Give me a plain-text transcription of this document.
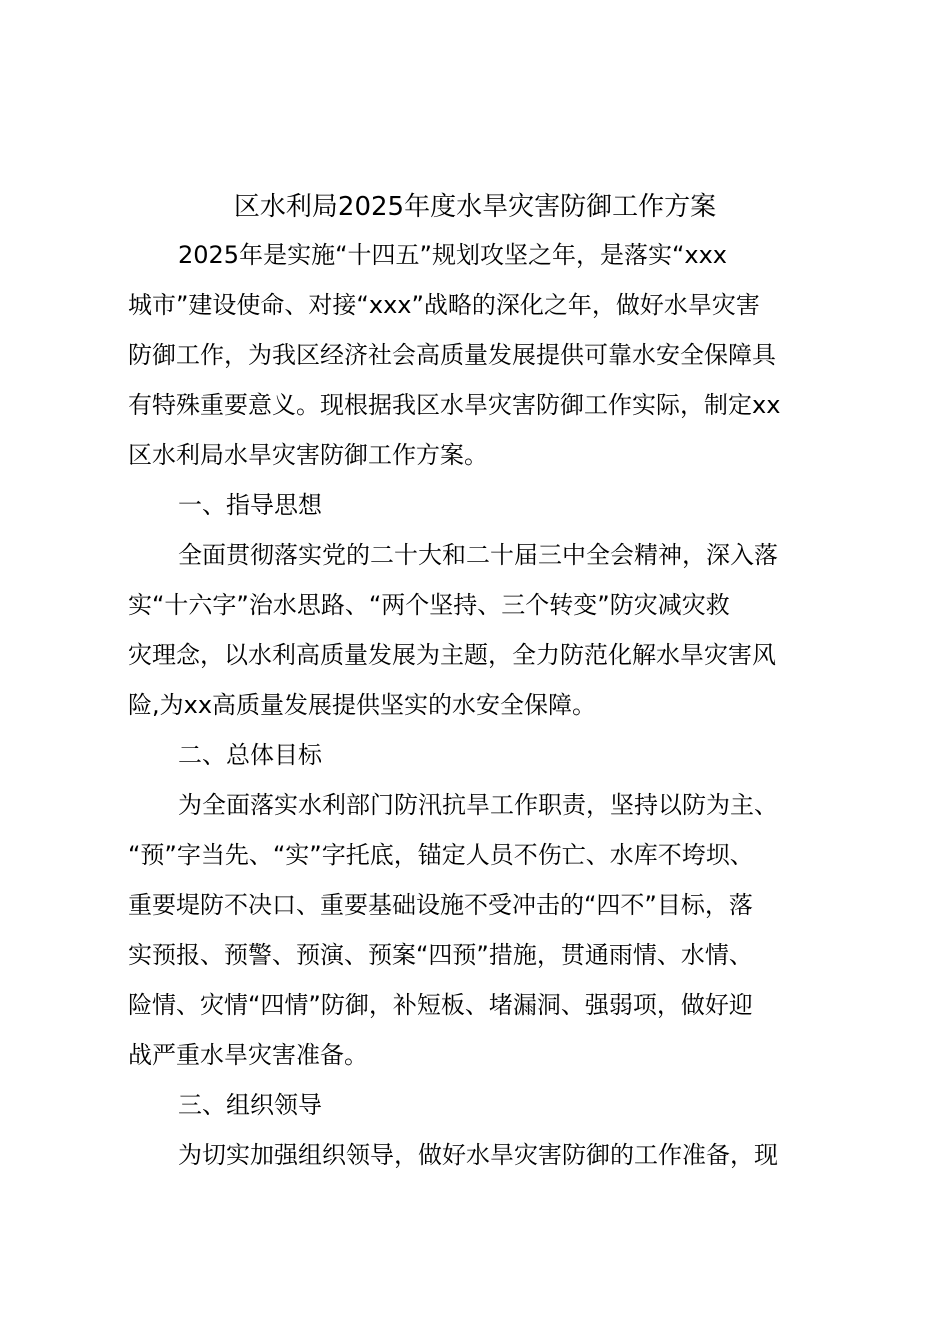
区水利局2025年度水旱灾害防御工作方案
2025年是实施“十四五”规划攻坚之年，是落实“xxx
城市”建设使命、对接“xxx”战略的深化之年，做好水旱灾害
防御工作，为我区经济社会高质量发展提供可靠水安全保障具
有特殊重要意义。现根据我区水旱灾害防御工作实际，制定xx
区水利局水旱灾害防御工作方案。
一、指导思想
全面贯彻落实党的二十大和二十届三中全会精神，深入落
实“十六字”治水思路、“两个坚持、三个转变”防灾减灾救
灾理念，以水利高质量发展为主题，全力防范化解水旱灾害风
险,为xx高质量发展提供坚实的水安全保障。
二、总体目标
为全面落实水利部门防汛抗旱工作职责，坚持以防为主、
“预”字当先、“实”字托底，锚定人员不伤亡、水库不垮坝、
重要堤防不决口、重要基础设施不受冲击的“四不”目标，落
实预报、预警、预演、预案“四预”措施，贯通雨情、水情、
险情、灾情“四情”防御，补短板、堵漏洞、强弱项，做好迎
战严重水旱灾害准备。
三、组织领导
为切实加强组织领导，做好水旱灾害防御的工作准备，现
